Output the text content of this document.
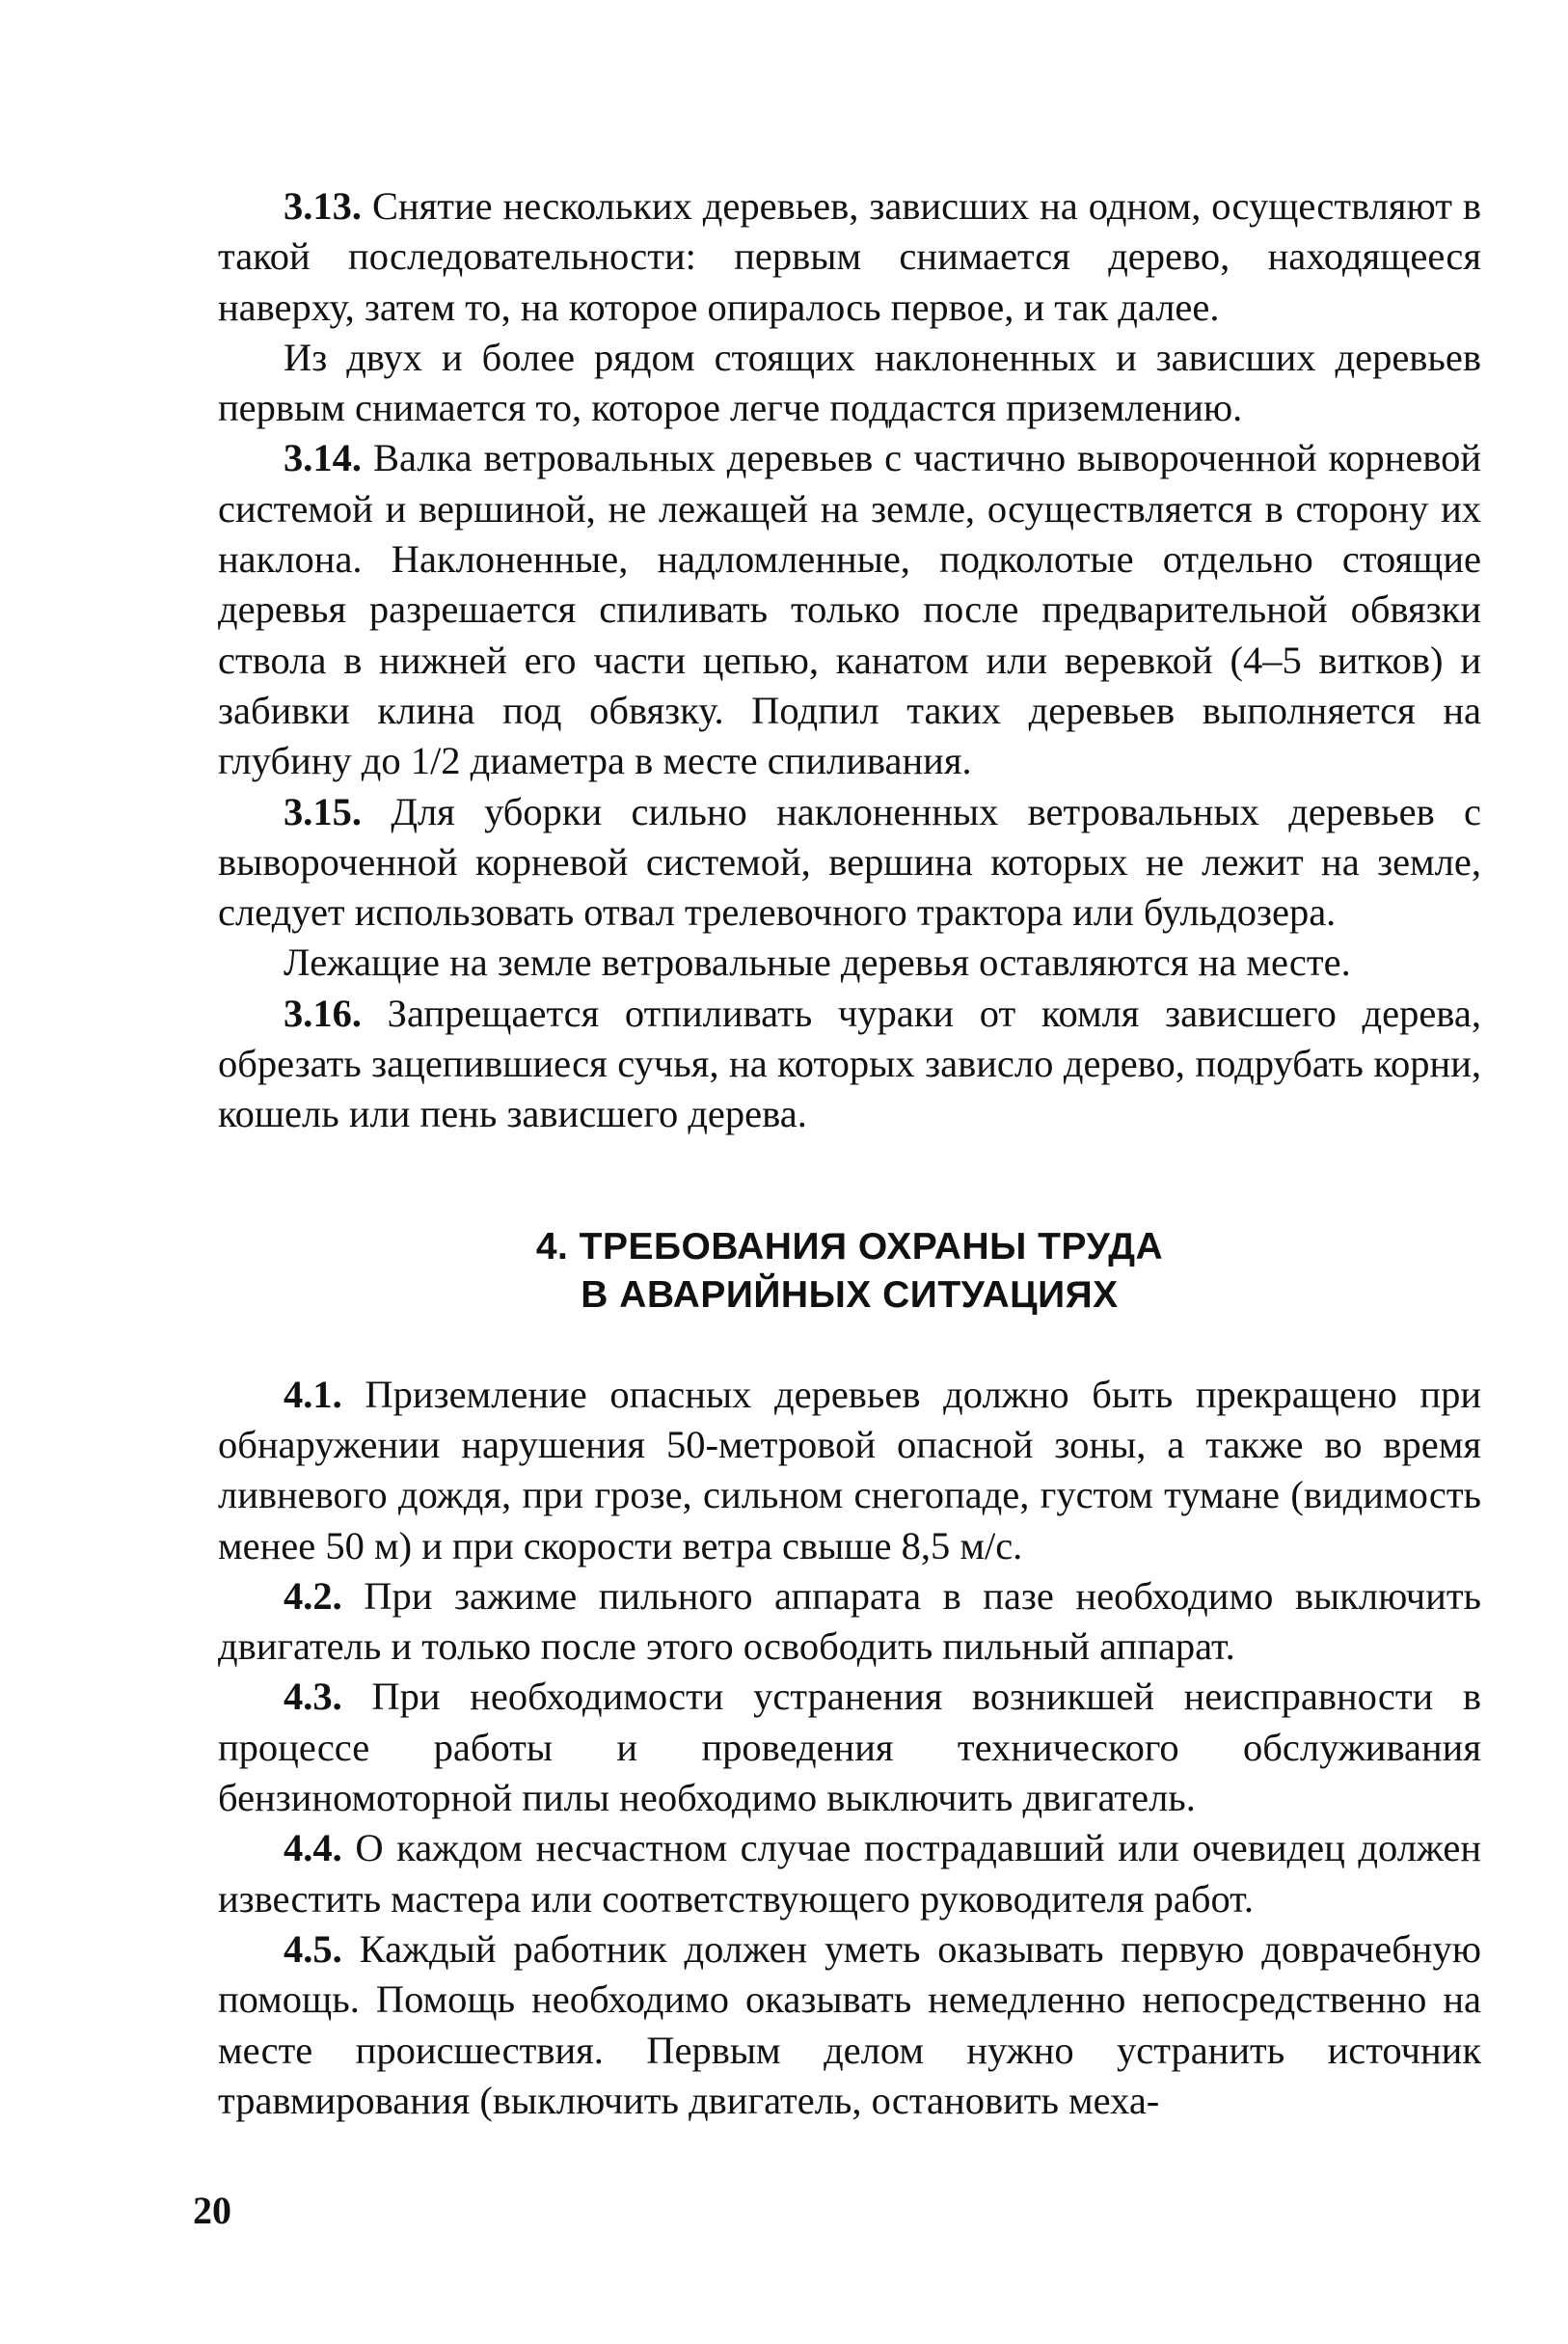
3.13. Снятие нескольких деревьев, зависших на одном, осуществляют в такой последовательности: первым снимается дерево, находящееся наверху, затем то, на которое опиралось первое, и так далее.

Из двух и более рядом стоящих наклоненных и зависших деревьев первым снимается то, которое легче поддастся приземлению.

3.14. Валка ветровальных деревьев с частично вывороченной корневой системой и вершиной, не лежащей на земле, осуществляется в сторону их наклона. Наклоненные, надломленные, подколотые отдельно стоящие деревья разрешается спиливать только после предварительной обвязки ствола в нижней его части цепью, канатом или веревкой (4–5 витков) и забивки клина под обвязку. Подпил таких деревьев выполняется на глубину до 1/2 диаметра в месте спиливания.

3.15. Для уборки сильно наклоненных ветровальных деревьев с вывороченной корневой системой, вершина которых не лежит на земле, следует использовать отвал трелевочного трактора или бульдозера.

Лежащие на земле ветровальные деревья оставляются на месте.

3.16. Запрещается отпиливать чураки от комля зависшего дерева, обрезать зацепившиеся сучья, на которых зависло дерево, подрубать корни, кошель или пень зависшего дерева.

4. ТРЕБОВАНИЯ ОХРАНЫ ТРУДА
В АВАРИЙНЫХ СИТУАЦИЯХ

4.1. Приземление опасных деревьев должно быть прекращено при обнаружении нарушения 50-метровой опасной зоны, а также во время ливневого дождя, при грозе, сильном снегопаде, густом тумане (видимость менее 50 м) и при скорости ветра свыше 8,5 м/с.

4.2. При зажиме пильного аппарата в пазе необходимо выключить двигатель и только после этого освободить пильный аппарат.

4.3. При необходимости устранения возникшей неисправности в процессе работы и проведения технического обслуживания бензиномоторной пилы необходимо выключить двигатель.

4.4. О каждом несчастном случае пострадавший или очевидец должен известить мастера или соответствующего руководителя работ.

4.5. Каждый работник должен уметь оказывать первую доврачебную помощь. Помощь необходимо оказывать немедленно непосредственно на месте происшествия. Первым делом нужно устранить источник травмирования (выключить двигатель, остановить меха-

20
